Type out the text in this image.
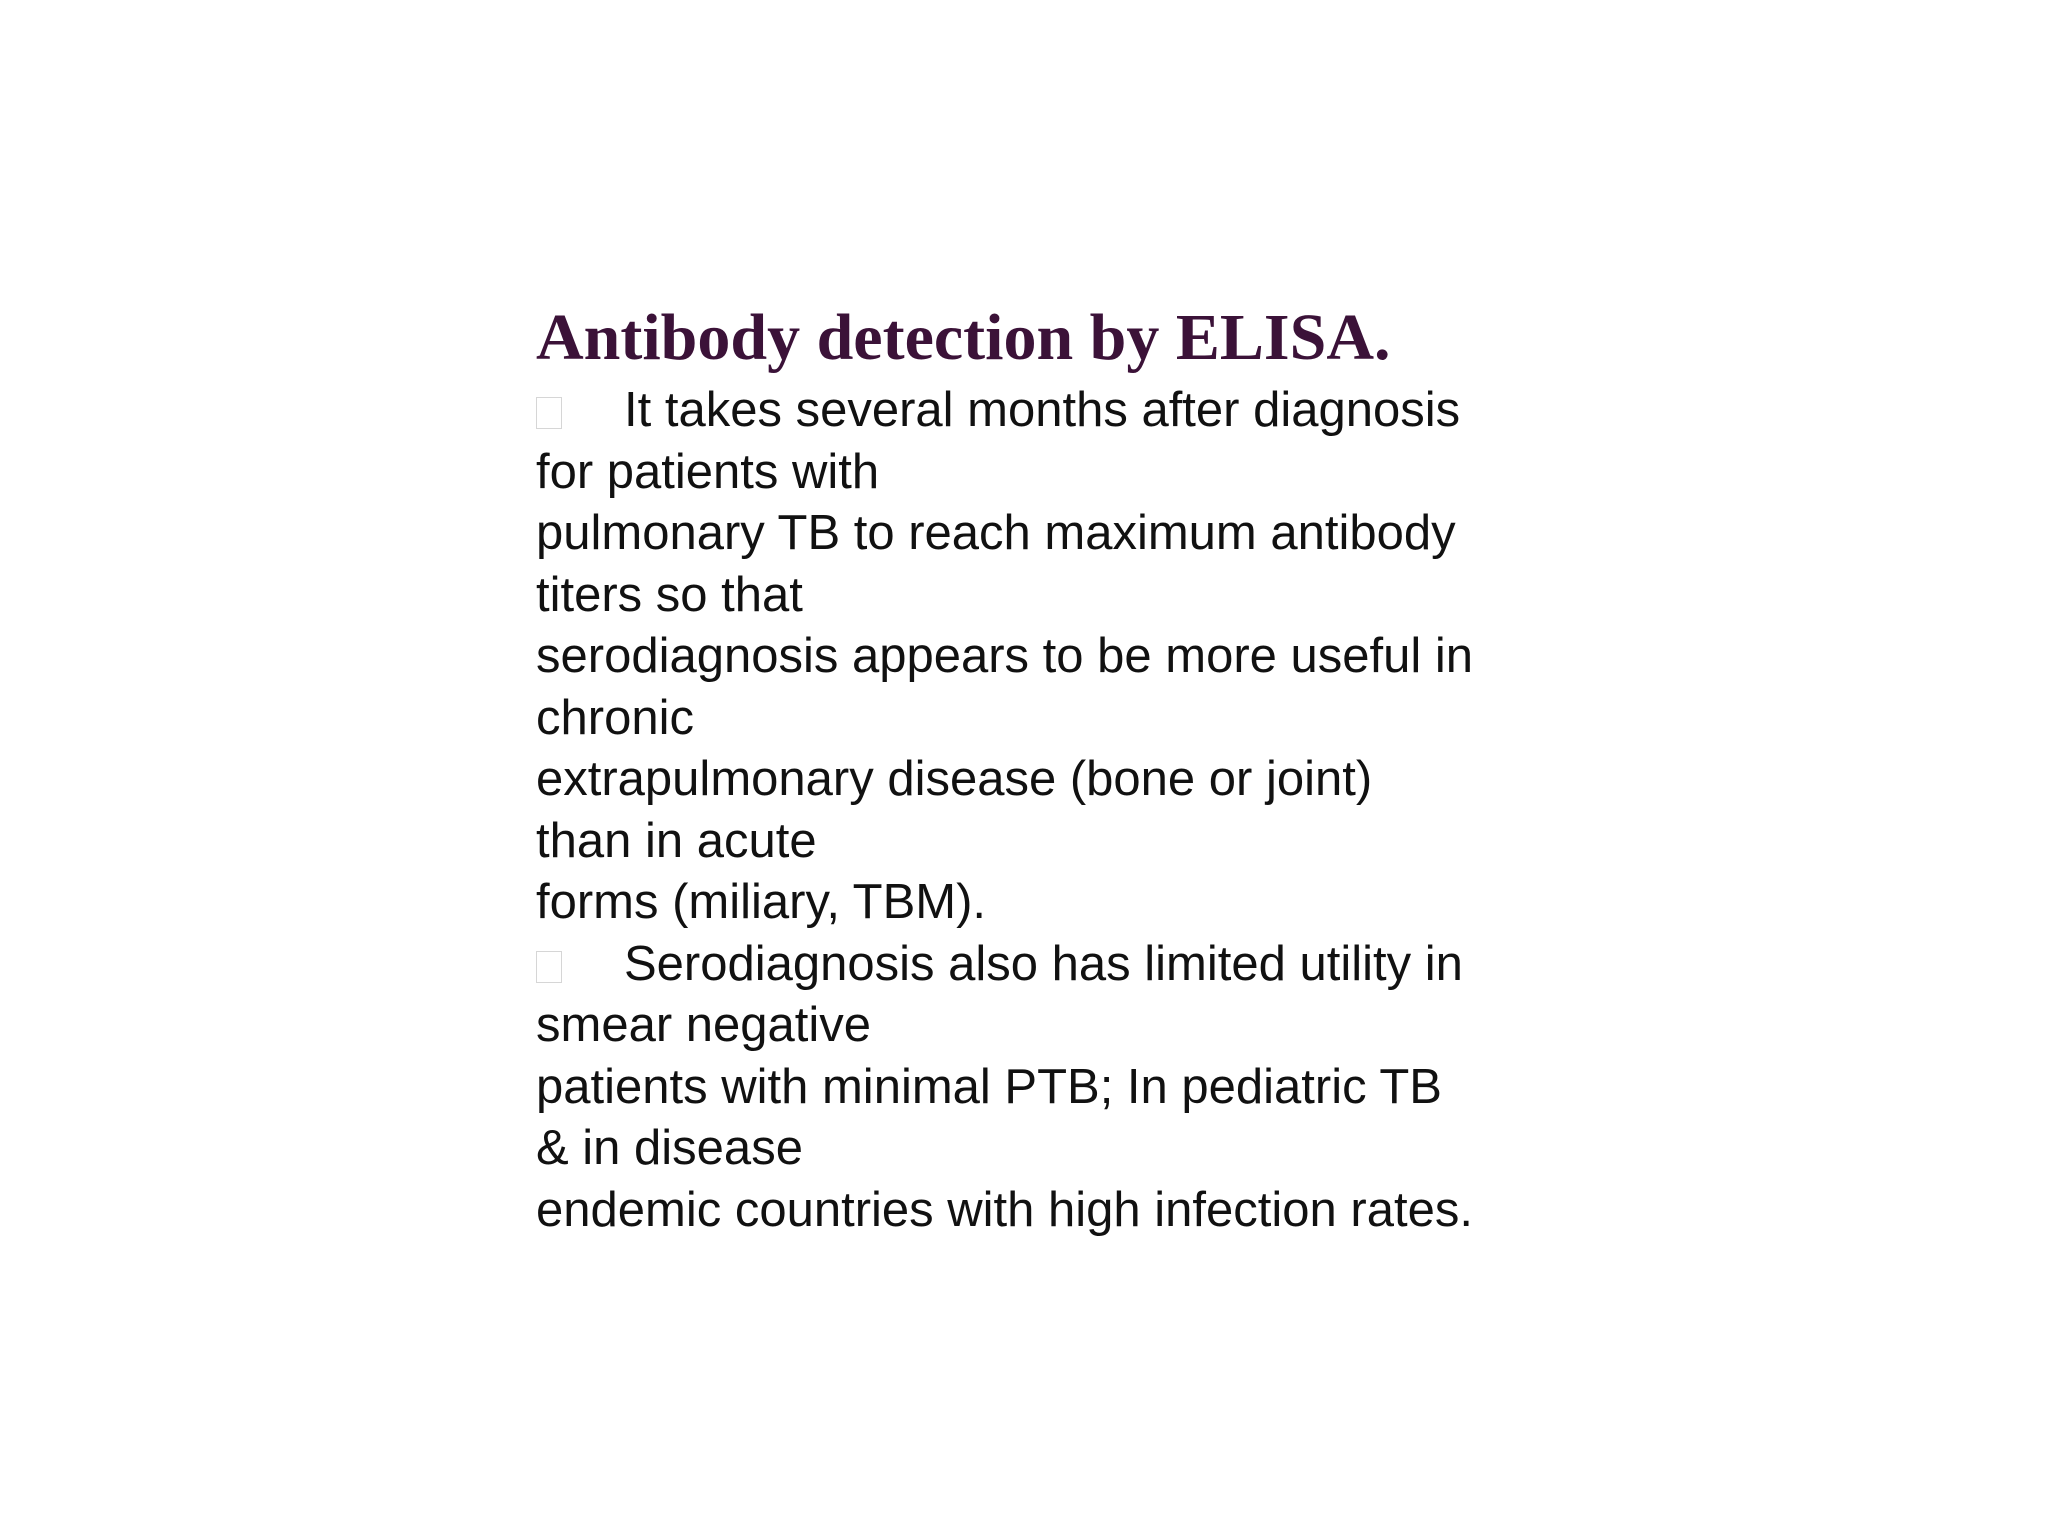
Antibody detection by ELISA.

It takes several months after diagnosis

for patients with

pulmonary TB to reach maximum antibody

titers so that

serodiagnosis appears to be more useful in

chronic

extrapulmonary disease (bone or joint)

than in acute

forms (miliary, TBM).

Serodiagnosis also has limited utility in

smear negative

patients with minimal PTB; In pediatric TB

& in disease

endemic countries with high infection rates.
